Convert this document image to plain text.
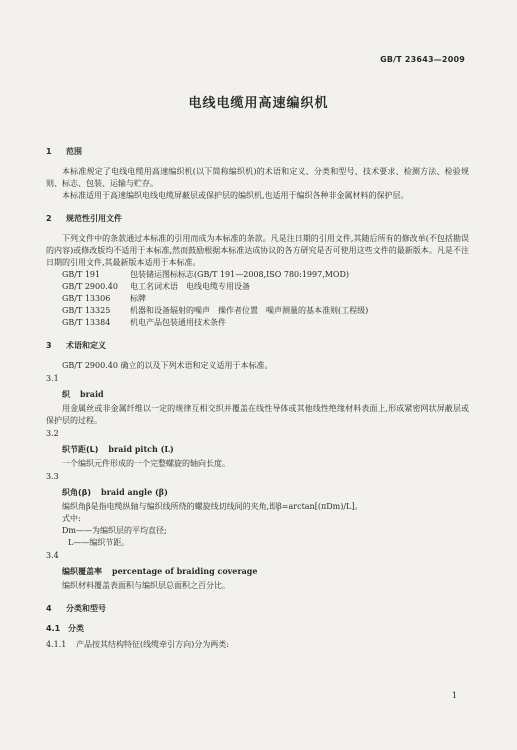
GB/T 23643—2009
电线电缆用高速编织机
1 范围

本标准规定了电线电缆用高速编织机(以下简称编织机)的术语和定义、分类和型号、技术要求、检测方法、检验规则、标志、包装、运输与贮存。

本标准适用于高速编织电线电缆屏蔽层或保护层的编织机,也适用于编织各种非金属材料的保护层。

2 规范性引用文件

下列文件中的条款通过本标准的引用而成为本标准的条款。凡是注日期的引用文件,其随后所有的修改单(不包括勘误的内容)或修改版均不适用于本标准,然而鼓励根据本标准达成协议的各方研究是否可使用这些文件的最新版本。凡是不注日期的引用文件,其最新版本适用于本标准。

GB/T 191	包装储运图标标志(GB/T 191—2008,ISO 780:1997,MOD)

GB/T 2900.40 电工名词术语　电线电缆专用设备

GB/T 13306 标牌

GB/T 13325 机器和设备辐射的噪声　操作者位置　噪声测量的基本准则(工程级)

GB/T 13384 机电产品包装通用技术条件

3 术语和定义

GB/T 2900.40 确立的以及下列术语和定义适用于本标准。

3.1
织 braid

用金属丝或非金属纤维以一定的规律互相交织并覆盖在线性导体或其他线性绝缘材料表面上,形成紧密网状屏蔽层或保护层的过程。

3.2
织节距(L) braid pitch (L)

一个编织元件形成的一个完整螺旋的轴向长度。

3.3
织角(β) braid angle (β)

编织角β是指电缆纵轴与编织线所绕的螺旋线切线间的夹角,即β=arctan[(πDm)/L]。

式中:

Dm——为编织层的平均直径;

L——编织节距。

3.4
编织覆盖率 percentage of braiding coverage

编织材料覆盖表面积与编织层总面积之百分比。

4 分类和型号
4.1 分类

4.1.1 产品按其结构特征(线缆牵引方向)分为两类:

1
